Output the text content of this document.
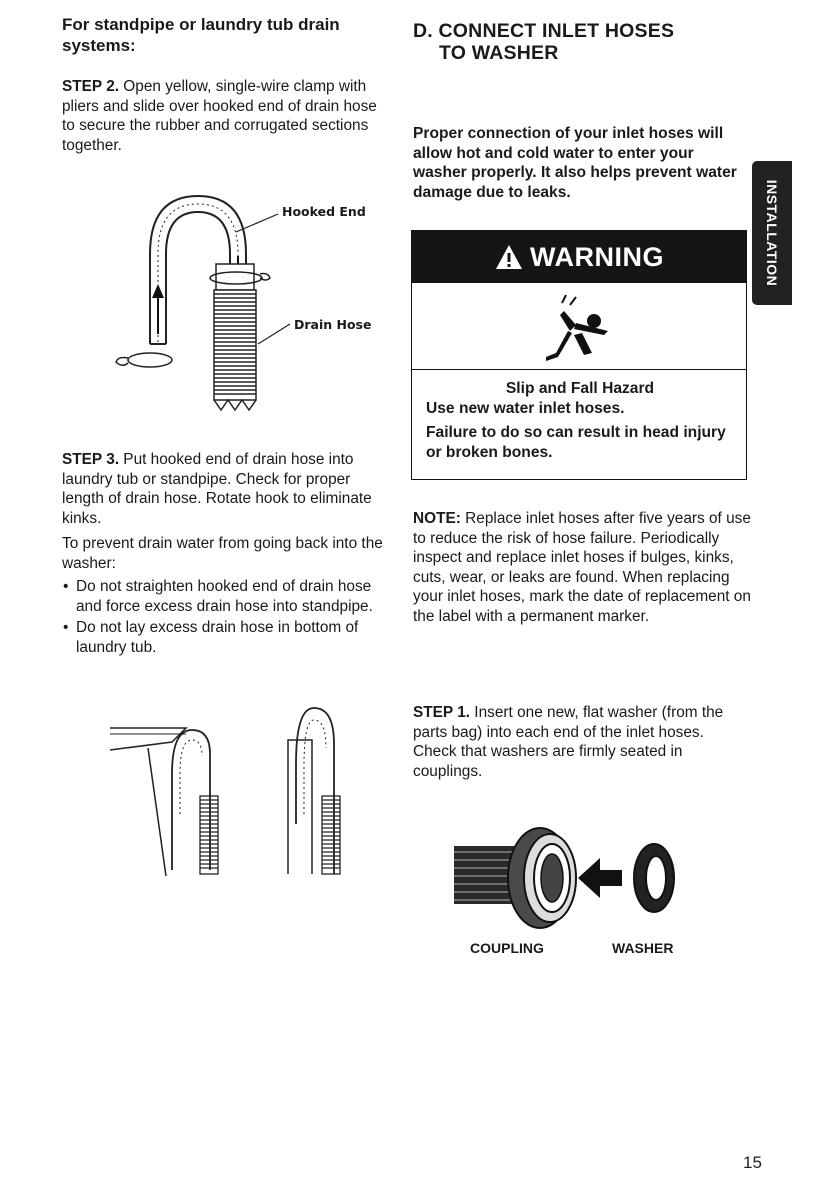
For standpipe or laundry tub drain systems:

STEP 2. Open yellow, single-wire clamp with pliers and slide over hooked end of drain hose to secure the rubber and corrugated sections together.

Hooked End
Drain Hose

STEP 3. Put hooked end of drain hose into laundry tub or standpipe. Check for proper length of drain hose. Rotate hook to eliminate kinks.

To prevent drain water from going back into the washer:

• Do not straighten hooked end of drain hose and force excess drain hose into standpipe.
• Do not lay excess drain hose in bottom of laundry tub.

D. CONNECT INLET HOSES

TO WASHER

Proper connection of your inlet hoses will allow hot and cold water to enter your washer properly. It also helps prevent water damage due to leaks.	INSTALLATION
WARNING
Slip and Fall Hazard

Use new water inlet hoses.

Failure to do so can result in head injury or broken bones.

NOTE: Replace inlet hoses after five years of use to reduce the risk of hose failure. Periodically inspect and replace inlet hoses if bulges, kinks, cuts, wear, or leaks are found. When replacing your inlet hoses, mark the date of replacement on the label with a permanent marker.

STEP 1. Insert one new, flat washer (from the parts bag) into each end of the inlet hoses. Check that washers are firmly seated in couplings.

COUPLING	WASHER
15
